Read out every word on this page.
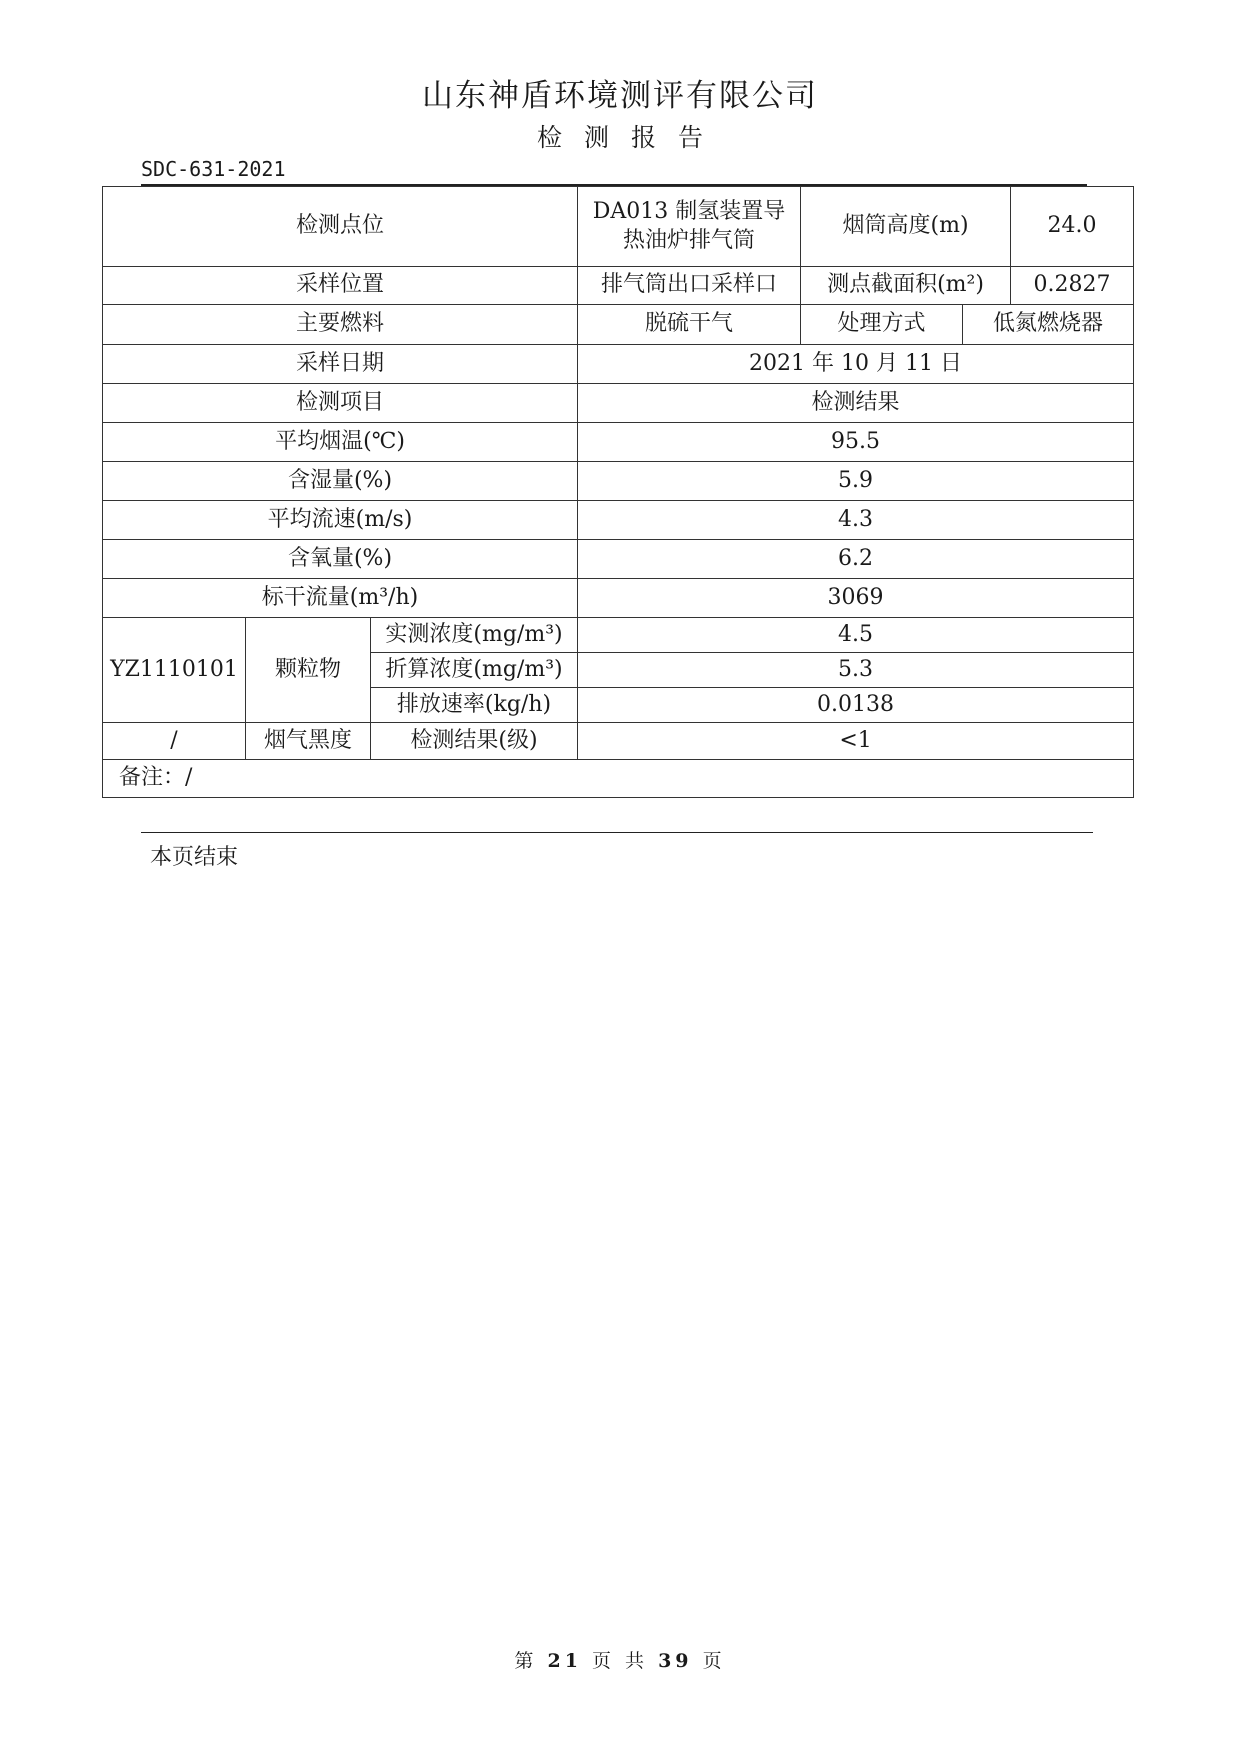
山东神盾环境测评有限公司
检测报告
SDC-631-2021
检测点位			DA013 制氢装置导热油炉排气筒	烟筒高度(m)		24.0
采样位置			排气筒出口采样口	测点截面积(m²)		0.2827
主要燃料			脱硫干气	处理方式	低氮燃烧器	
采样日期			2021 年 10 月 11 日			
检测项目			检测结果			
平均烟温(℃)			95.5			
含湿量(%)			5.9			
平均流速(m/s)			4.3			
含氧量(%)			6.2			
标干流量(m³/h)			3069			
YZ1110101	颗粒物	实测浓度(mg/m³)	4.5			
		折算浓度(mg/m³)	5.3			
		排放速率(kg/h)	0.0138			
/	烟气黑度	检测结果(级)	<1			
备注：/						
本页结束
第 21 页 共 39 页
